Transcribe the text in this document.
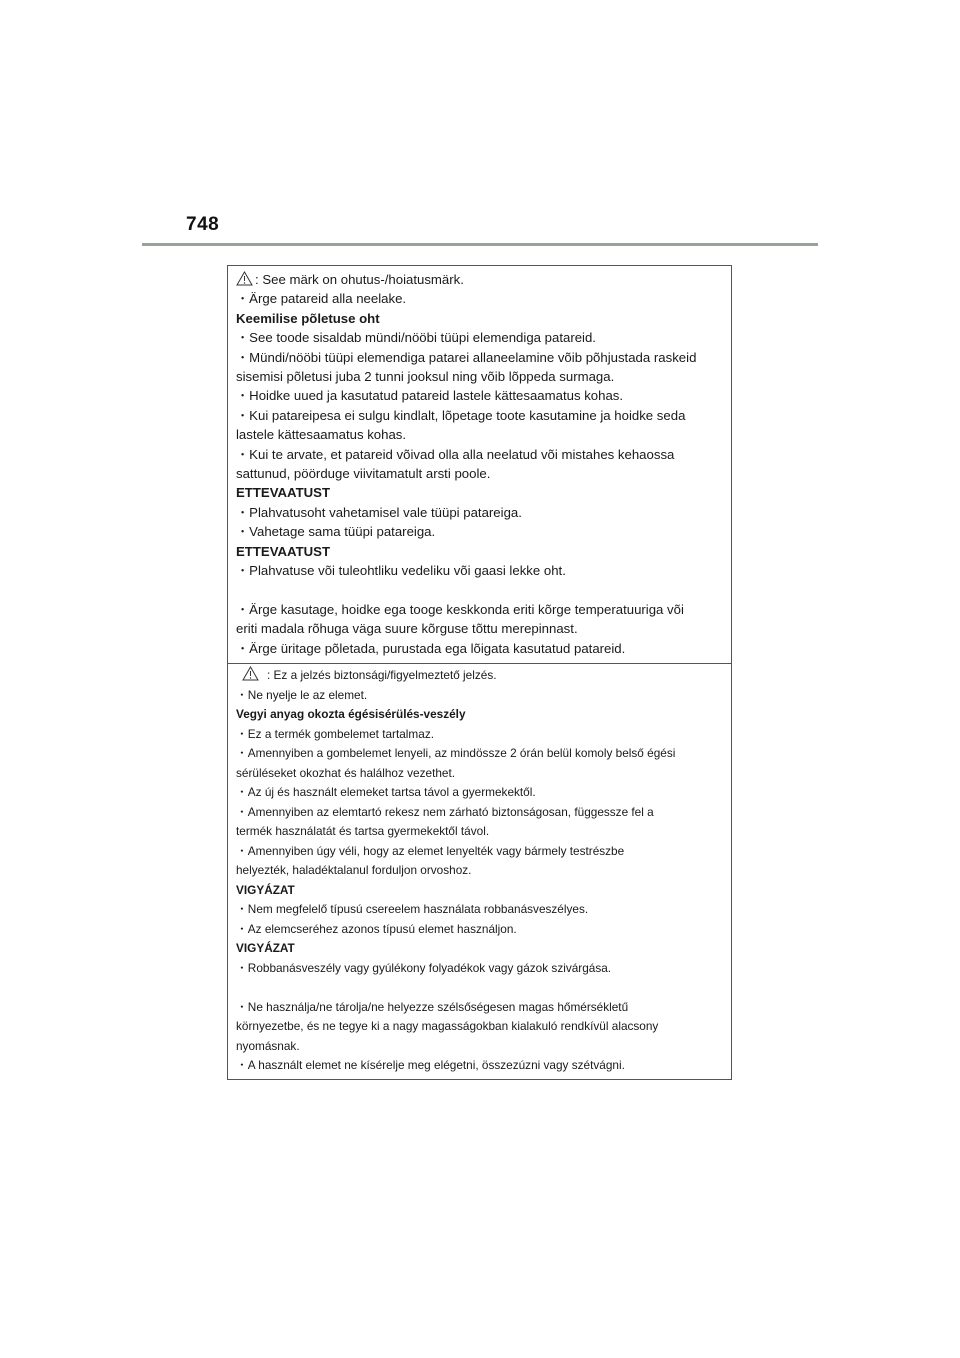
748
: See märk on ohutus-/hoiatusmärk.
・Ärge patareid alla neelake.
Keemilise põletuse oht
・See toode sisaldab mündi/nööbi tüüpi elemendiga patareid.
・Mündi/nööbi tüüpi elemendiga patarei allaneelamine võib põhjustada raskeid
sisemisi põletusi juba 2 tunni jooksul ning võib lõppeda surmaga.
・Hoidke uued ja kasutatud patareid lastele kättesaamatus kohas.
・Kui patareipesa ei sulgu kindlalt, lõpetage toote kasutamine ja hoidke seda
lastele kättesaamatus kohas.
・Kui te arvate, et patareid võivad olla alla neelatud või mistahes kehaossa
sattunud, pöörduge viivitamatult arsti poole.
ETTEVAATUST
・Plahvatusoht vahetamisel vale tüüpi patareiga.
・Vahetage sama tüüpi patareiga.
ETTEVAATUST
・Plahvatuse või tuleohtliku vedeliku või gaasi lekke oht.
・Ärge kasutage, hoidke ega tooge keskkonda eriti kõrge temperatuuriga või
eriti madala rõhuga väga suure kõrguse tõttu merepinnast.
・Ärge üritage põletada, purustada ega lõigata kasutatud patareid.
: Ez a jelzés biztonsági/figyelmeztető jelzés.
・Ne nyelje le az elemet.
Vegyi anyag okozta égésisérülés-veszély
・Ez a termék gombelemet tartalmaz.
・Amennyiben a gombelemet lenyeli, az mindösszе 2 órán belül komoly belső égési
sérüléseket okozhat és halálhoz vezethet.
・Az új és használt elemeket tartsa távol a gyermekektől.
・Amennyiben az elemtartó rekesz nem zárható biztonságosan, függessze fel a
termék használatát és tartsa gyermekektől távol.
・Amennyiben úgy véli, hogy az elemet lenyelték vagy bármely testrészbe
helyezték, haladéktalanul forduljon orvoshoz.
VIGYÁZAT
・Nem megfelelő típusú csereelem használata robbanásveszélyes.
・Az elemcseréhez azonos típusú elemet használjon.
VIGYÁZAT
・Robbanásveszély vagy gyúlékony folyadékok vagy gázok szivárgása.
・Ne használja/ne tárolja/ne helyezze szélsőségesen magas hőmérsékletű
környezetbe, és ne tegye ki a nagy magasságokban kialakuló rendkívül alacsony
nyomásnak.
・A használt elemet ne kísérelje meg elégetni, összezúzni vagy szétvágni.
